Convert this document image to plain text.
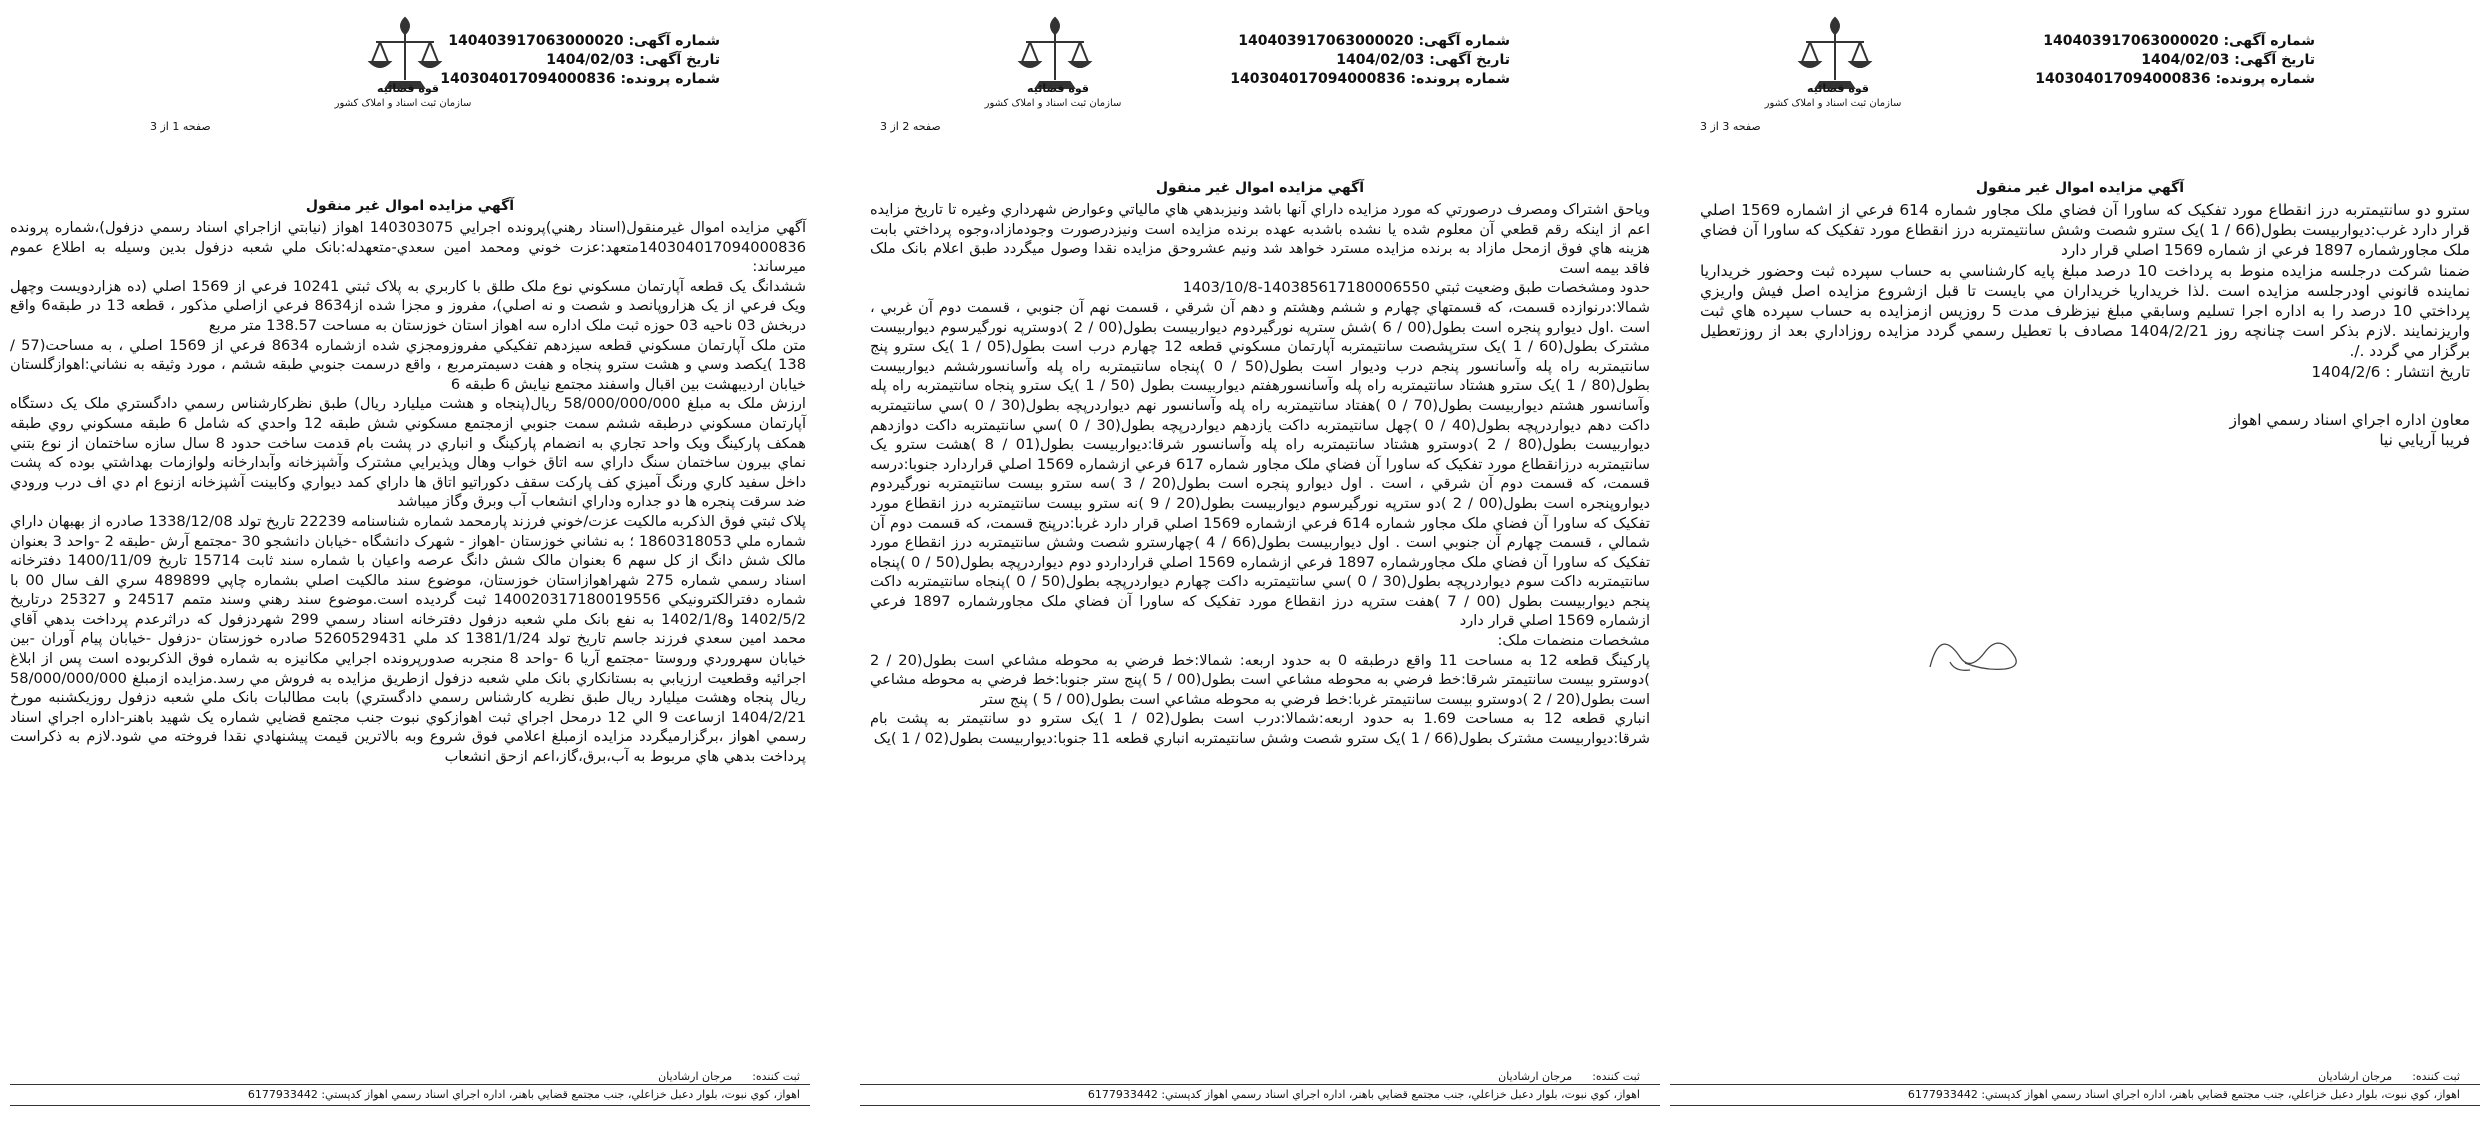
شماره آگهی: 140403917063000020
تاریخ آگهی: 1404/02/03
شماره پرونده: 140304017094000836
قوه قضائیه
سازمان ثبت اسناد و املاک کشور
صفحه 3 از 3
آگهي مزايده اموال غير منقول

سترو دو سانتيمتربه درز انقطاع مورد تفكيک كه ساورا آن فضاي ملک مجاور شماره 614 فرعي از اشماره 1569 اصلي قرار دارد غرب:ديواربيست بطول(66 / 1 )يک سترو شصت وشش سانتيمتربه درز انقطاع مورد تفكيک كه ساورا آن فضاي ملک مجاورشماره 1897 فرعي از شماره 1569 اصلي قرار دارد

ضمنا شركت درجلسه مزايده منوط به پرداخت 10 درصد مبلغ پايه كارشناسي به حساب سپرده ثبت وحضور خريداريا نماينده قانوني اودرجلسه مزايده است .لذا خريداريا خريداران مي بايست تا قبل ازشروع مزايده اصل فيش واريزي پرداختي 10 درصد را به اداره اجرا تسليم وسابقي مبلغ نيزظرف مدت 5 روزپس ازمزايده به حساب سپرده هاي ثبت واريزنمايند .لازم بذكر است چنانچه روز 1404/2/21 مصادف با تعطيل رسمي گردد مزايده روزاداري بعد از روزتعطيل برگزار مي گردد ./.

تاريخ انتشار : 1404/2/6

معاون اداره اجراي اسناد رسمي اهواز

فريبا آريايي نيا

ثبت كننده:مرجان ارشاديان
اهواز، كوي نبوت، بلوار دعبل خزاعلي، جنب مجتمع قضايي باهنر، اداره اجراي اسناد رسمي اهواز كدپستي: 6177933442
شماره آگهی: 140403917063000020
تاریخ آگهی: 1404/02/03
شماره پرونده: 140304017094000836
قوه قضائیه
سازمان ثبت اسناد و املاک کشور
صفحه 2 از 3
آگهي مزايده اموال غير منقول

وياحق اشتراک ومصرف درصورتي كه مورد مزايده داراي آنها باشد ونيزبدهي هاي مالياتي وعوارض شهرداري وغيره تا تاريخ مزايده اعم از اينكه رقم قطعي آن معلوم شده يا نشده باشدبه عهده برنده مزايده است ونيزدرصورت وجودمازاد،وجوه پرداختي بابت هزينه هاي فوق ازمحل مازاد به برنده مزايده مسترد خواهد شد ونيم عشروحق مزايده نقدا وصول ميگردد طبق اعلام بانک ملک فاقد بيمه است

حدود ومشخصات طبق وضعيت ثبتي 140385617180006550-1403/10/8

شمالا:درنوازده قسمت، كه قسمتهاي چهارم و ششم وهشتم و دهم آن شرقي ، قسمت نهم آن جنوبي ، قسمت دوم آن غربي ، است .اول ديوارو پنجره است بطول(00 / 6 )شش سترپه نورگيردوم ديواربيست بطول(00 / 2 )دوسترپه نورگيرسوم ديواربيست مشترک بطول(60 / 1 )يک سترپشصت سانتيمتربه آپارتمان مسكوني قطعه 12 چهارم درب است بطول(05 / 1 )يک سترو پنج سانتيمتربه راه پله وآسانسور پنجم درب وديوار است بطول(50 / 0 )پنجاه سانتيمتربه راه پله وآسانسورششم ديواربيست بطول(80 / 1 )يک سترو هشتاد سانتيمتربه راه پله وآسانسورهفتم ديواربيست بطول (50 / 1 )يک سترو پنجاه سانتيمتربه راه پله وآسانسور هشتم ديواربيست بطول(70 / 0 )هفتاد سانتيمتربه راه پله وآسانسور نهم ديواردرپچه بطول(30 / 0 )سي سانتيمتربه داكت دهم ديواردرپچه بطول(40 / 0 )چهل سانتيمتربه داكت يازدهم ديواردرپچه بطول(30 / 0 )سي سانتيمتربه داكت دوازدهم ديواربيست بطول(80 / 2 )دوسترو هشتاد سانتيمتربه راه پله وآسانسور شرقا:ديواربيست بطول(01 / 8 )هشت سترو يک سانتيمتربه درزانقطاع مورد تفكيک كه ساورا آن فضاي ملک مجاور شماره 617 فرعي ازشماره 1569 اصلي قراردارد جنوبا:درسه قسمت، كه قسمت دوم آن شرقي ، است . اول ديوارو پنجره است بطول(20 / 3 )سه سترو بيست سانتيمتربه نورگيردوم ديواروپنجره است بطول(00 / 2 )دو سترپه نورگيرسوم ديواربيست بطول(20 / 9 )نه سترو بيست سانتيمتربه درز انقطاع مورد تفكيک كه ساورا آن فضاي ملک مجاور شماره 614 فرعي ازشماره 1569 اصلي قرار دارد غربا:درپنج قسمت، كه قسمت دوم آن شمالي ، قسمت چهارم آن جنوبي است . اول ديواربيست بطول(66 / 4 )چهارسترو شصت وشش سانتيمتربه درز انقطاع مورد تفكيک كه ساورا آن فضاي ملک مجاورشماره 1897 فرعي ازشماره 1569 اصلي قرارداردو دوم ديواردرپچه بطول(50 / 0 )پنجاه سانتيمتربه داكت سوم ديواردرپچه بطول(30 / 0 )سي سانتيمتربه داكت چهارم ديواردرپچه بطول(50 / 0 )پنجاه سانتيمتربه داكت پنجم ديواربيست بطول (00 / 7 )هفت سترپه درز انقطاع مورد تفكيک كه ساورا آن فضاي ملک مجاورشماره 1897 فرعي ازشماره 1569 اصلي قرار دارد

مشخصات منضمات ملک:

پاركينگ قطعه 12 به مساحت 11 واقع درطبقه 0 به حدود اربعه: شمالا:خط فرضي به محوطه مشاعي است بطول(20 / 2 )دوسترو بيست سانتيمتر شرقا:خط فرضي به محوطه مشاعي است بطول(00 / 5 )پنج ستر جنوبا:خط فرضي به محوطه مشاعي است بطول(20 / 2 )دوسترو بيست سانتيمتر غربا:خط فرضي به محوطه مشاعي است بطول(00 / 5 ) پنج ستر

انباري قطعه 12 به مساحت 1.69 به حدود اربعه:شمالا:درب است بطول(02 / 1 )يک سترو دو سانتيمتر به پشت بام شرقا:ديواربيست مشترک بطول(66 / 1 )يک سترو شصت وشش سانتيمتربه انباري قطعه 11 جنوبا:ديواربيست بطول(02 / 1 )يک

ثبت كننده:مرجان ارشاديان
اهواز، كوي نبوت، بلوار دعبل خزاعلي، جنب مجتمع قضايي باهنر، اداره اجراي اسناد رسمي اهواز كدپستي: 6177933442
شماره آگهی: 140403917063000020
تاریخ آگهی: 1404/02/03
شماره پرونده: 140304017094000836
قوه قضائیه
سازمان ثبت اسناد و املاک کشور
صفحه 1 از 3
آگهي مزايده اموال غير منقول

آگهي مزايده اموال غيرمنقول(اسناد رهني)پرونده اجرايي 140303075 اهواز (نيابتي ازاجراي اسناد رسمي دزفول)،شماره پرونده 140304017094000836متعهد:عزت خوني ومحمد امين سعدي-متعهدله:بانک ملي شعبه دزفول بدين وسيله به اطلاع عموم ميرساند:

ششدانگ يک قطعه آپارتمان مسكوني نوع ملک طلق با كاربري به پلاک ثبتي 10241 فرعي از 1569 اصلي (ده هزاردويست وچهل ويک فرعي از يک هزاروپانصد و شصت و نه اصلي)، مفروز و مجزا شده از8634 فرعي ازاصلي مذكور ، قطعه 13 در طبقه6 واقع دربخش 03 ناحيه 03 حوزه ثبت ملک اداره سه اهواز استان خوزستان به مساحت 138.57 متر مربع

متن ملک آپارتمان مسكوني قطعه سيزدهم تفكيكي مفروزومجزي شده ازشماره 8634 فرعي از 1569 اصلي ، به مساحت(57 / 138 )يكصد وسي و هشت سترو پنجاه و هفت دسيمترمربع ، واقع درسمت جنوبي طبقه ششم ، مورد وثيقه به نشاني:اهوازگلستان خيابان ارديبهشت بين اقبال واسفند مجتمع نيايش 6 طبقه 6

ارزش ملک به مبلغ 58/000/000/000 ريال(پنجاه و هشت ميليارد ريال) طبق نظركارشناس رسمي دادگستري ملک يک دستگاه آپارتمان مسكوني درطبقه ششم سمت جنوبي ازمجتمع مسكوني شش طبقه 12 واحدي كه شامل 6 طبقه مسكوني روي طبقه همكف پاركينگ ويک واحد تجاري به انضمام پاركينگ و انباري در پشت بام قدمت ساخت حدود 8 سال سازه ساختمان از نوع بتني نماي بيرون ساختمان سنگ داراي سه اتاق خواب وهال وپذيرايي مشترک وآشپزخانه وآبدارخانه ولوازمات بهداشتي بوده كه پشت داخل سفيد كاري ورنگ آميزي كف پاركت سقف دكوراتيو اتاق ها داراي كمد ديواري وكابينت آشپزخانه ازنوع ام دي اف درب ورودي ضد سرقت پنجره ها دو جداره وداراي انشعاب آب وبرق وگاز ميباشد

پلاک ثبتي فوق الذكربه مالكيت عزت/خوني فرزند پارمحمد شماره شناسنامه 22239 تاريخ تولد 1338/12/08 صادره از بهبهان داراي شماره ملي 1860318053 ؛ به نشاني خوزستان -اهواز - شهرک دانشگاه -خيابان دانشجو 30 -مجتمع آرش -طبقه 2 -واحد 3 بعنوان مالک شش دانگ از كل سهم 6 بعنوان مالک شش دانگ عرصه واعيان با شماره سند ثابت 15714 تاريخ 1400/11/09 دفترخانه اسناد رسمي شماره 275 شهراهوازاستان خوزستان، موضوع سند مالكيت اصلي بشماره چاپي 489899 سري الف سال 00 با شماره دفترالكترونيكي 140020317180019556 ثبت گرديده است.موضوع سند رهني وسند متمم 24517 و 25327 درتاريخ 1402/5/2 و1402/1/8 به نفع بانک ملي شعبه دزفول دفترخانه اسناد رسمي 299 شهردزفول كه دراثرعدم پرداخت بدهي آقاي محمد امين سعدي فرزند جاسم تاريخ تولد 1381/1/24 كد ملي 5260529431 صادره خوزستان -دزفول -خيابان پيام آوران -بين خيابان سهروردي وروستا -مجتمع آريا 6 -واحد 8 منجربه صدورپرونده اجرايي مكانيزه به شماره فوق الذكربوده است پس از ابلاغ اجرائيه وقطعيت ارزيابي به بستانكاري بانک ملي شعبه دزفول ازطريق مزايده به فروش مي رسد.مزايده ازمبلغ 58/000/000/000 ريال پنجاه وهشت ميليارد ريال طبق نظريه كارشناس رسمي دادگستري) بابت مطالبات بانک ملي شعبه دزفول روزيكشنبه مورخ 1404/2/21 ازساعت 9 الي 12 درمحل اجراي ثبت اهوازكوي نبوت جنب مجتمع قضايي شماره يک شهيد باهنر-اداره اجراي اسناد رسمي اهواز ،برگزارميگردد مزايده ازمبلغ اعلامي فوق شروع وبه بالاترين قيمت پيشنهادي نقدا فروخته مي شود.لازم به ذكراست پرداخت بدهي هاي مربوط به آب،برق،گاز،اعم ازحق انشعاب

ثبت كننده:مرجان ارشاديان
اهواز، كوي نبوت، بلوار دعبل خزاعلي، جنب مجتمع قضايي باهنر، اداره اجراي اسناد رسمي اهواز كدپستي: 6177933442
